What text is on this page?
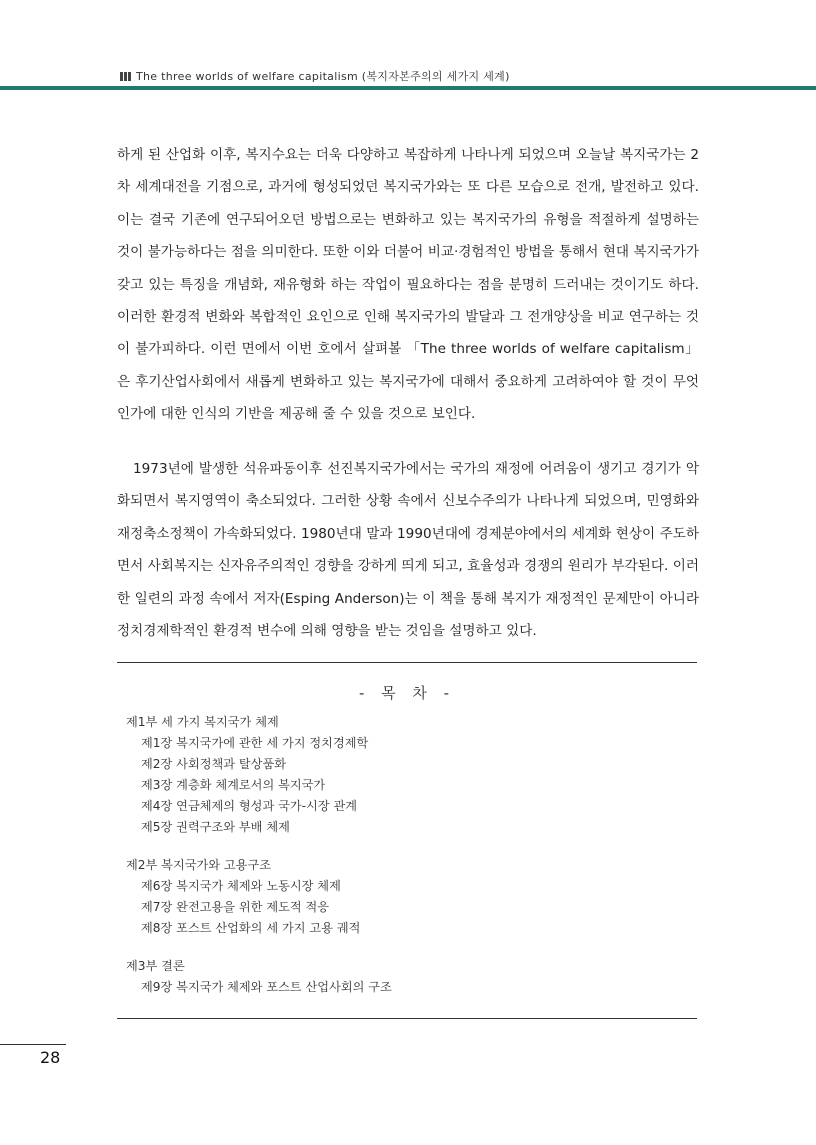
The three worlds of welfare capitalism (복지자본주의의 세가지 세계)

하게 된 산업화 이후, 복지수요는 더욱 다양하고 복잡하게 나타나게 되었으며 오늘날 복지국가는 2차 세계대전을 기점으로, 과거에 형성되었던 복지국가와는 또 다른 모습으로 전개, 발전하고 있다. 이는 결국 기존에 연구되어오던 방법으로는 변화하고 있는 복지국가의 유형을 적절하게 설명하는 것이 불가능하다는 점을 의미한다. 또한 이와 더불어 비교·경험적인 방법을 통해서 현대 복지국가가 갖고 있는 특징을 개념화, 재유형화 하는 작업이 필요하다는 점을 분명히 드러내는 것이기도 하다. 이러한 환경적 변화와 복합적인 요인으로 인해 복지국가의 발달과 그 전개양상을 비교 연구하는 것이 불가피하다. 이런 면에서 이번 호에서 살펴볼 「The three worlds of welfare capitalism」은 후기산업사회에서 새롭게 변화하고 있는 복지국가에 대해서 중요하게 고려하여야 할 것이 무엇인가에 대한 인식의 기반을 제공해 줄 수 있을 것으로 보인다.

1973년에 발생한 석유파동이후 선진복지국가에서는 국가의 재정에 어려움이 생기고 경기가 악화되면서 복지영역이 축소되었다. 그러한 상황 속에서 신보수주의가 나타나게 되었으며, 민영화와 재정축소정책이 가속화되었다. 1980년대 말과 1990년대에 경제분야에서의 세계화 현상이 주도하면서 사회복지는 신자유주의적인 경향을 강하게 띄게 되고, 효율성과 경쟁의 원리가 부각된다. 이러한 일련의 과정 속에서 저자(Esping Anderson)는 이 책을 통해 복지가 재정적인 문제만이 아니라 정치경제학적인 환경적 변수에 의해 영향을 받는 것임을 설명하고 있다.

- 목 차 -
제1부 세 가지 복지국가 체제
제1장 복지국가에 관한 세 가지 정치경제학
제2장 사회정책과 탈상품화
제3장 계층화 체계로서의 복지국가
제4장 연금체제의 형성과 국가-시장 관계
제5장 권력구조와 부배 체제
제2부 복지국가와 고용구조
제6장 복지국가 체제와 노동시장 체제
제7장 완전고용을 위한 제도적 적응
제8장 포스트 산업화의 세 가지 고용 궤적
제3부 결론
제9장 복지국가 체제와 포스트 산업사회의 구조
28
